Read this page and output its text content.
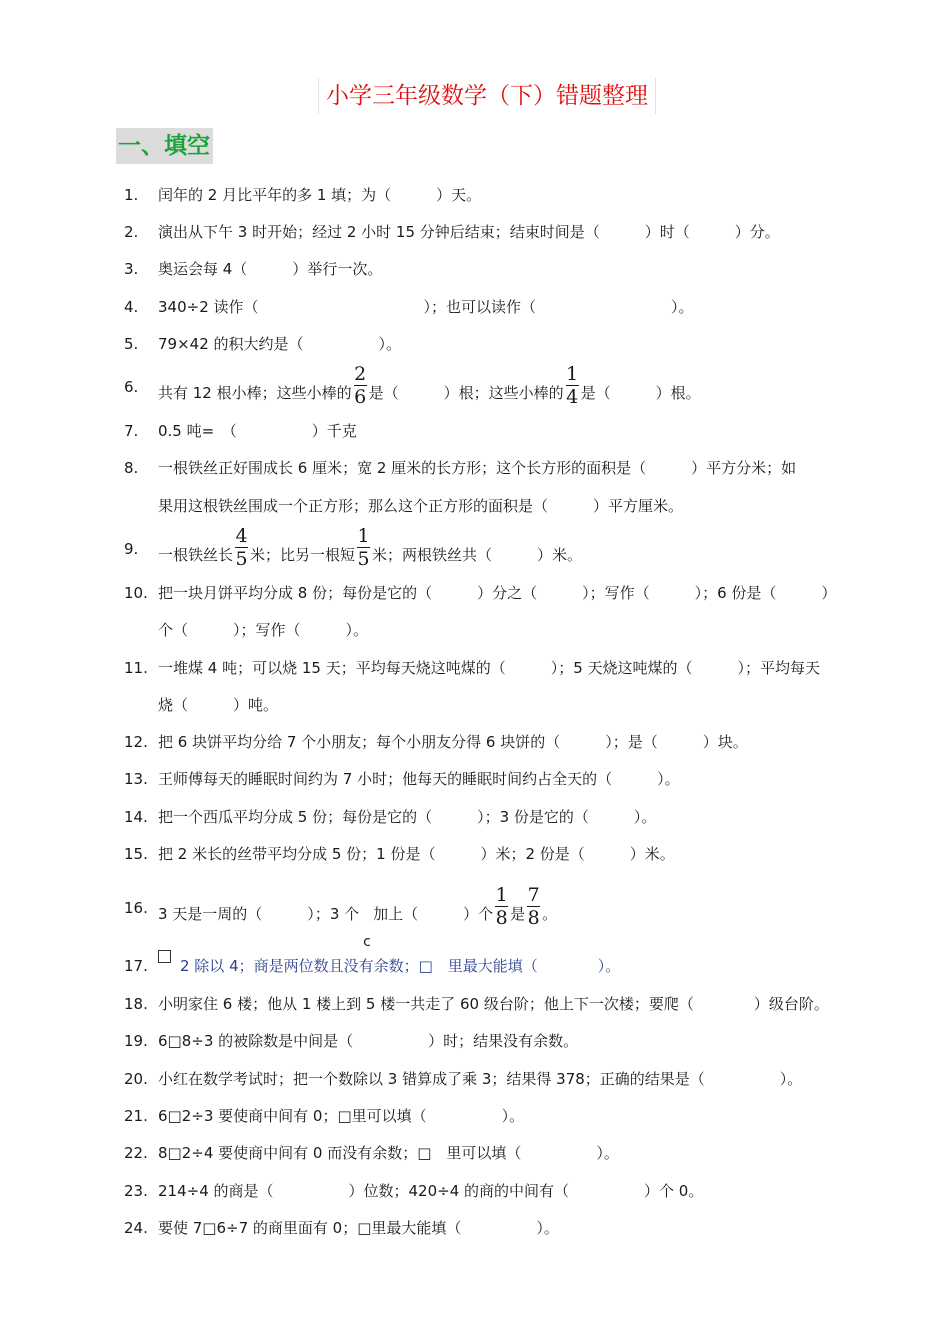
小学三年级数学（下）错题整理
一、填空
1. 闰年的 2 月比平年的多 1 填；为（　　　）天。
2. 演出从下午 3 时开始；经过 2 小时 15 分钟后结束；结束时间是（　　　）时（　　　）分。
3. 奥运会每 4（　　　）举行一次。
4. 340÷2 读作（　　　　　　　　　　　）；也可以读作（　　　　　　　　　）。
5. 79×42 的积大约是（　　　　　）。
6. 共有 12 根小棒；这些小棒的 $\frac{2}{6}$ 是（　　　）根；这些小棒的 $\frac{1}{4}$ 是（　　　）根。
7. 0.5 吨=　（　　　　　）千克
8. 一根铁丝正好围成长 6 厘米；宽 2 厘米的长方形；这个长方形的面积是（　　　）平方分米；如
果用这根铁丝围成一个正方形；那么这个正方形的面积是（　　　）平方厘米。
9. 一根铁丝长 $\frac{4}{5}$ 米；比另一根短 $\frac{1}{5}$ 米；两根铁丝共（　　　）米。
10. 把一块月饼平均分成 8 份；每份是它的（　　　）分之（　　　）；写作（　　　）；6 份是（　　　）
个（　　　）；写作（　　　）。
11. 一堆煤 4 吨；可以烧 15 天；平均每天烧这吨煤的（　　　）；5 天烧这吨煤的（　　　）；平均每天
烧（　　　）吨。
12. 把 6 块饼平均分给 7 个小朋友；每个小朋友分得 6 块饼的（　　　）；是（　　　）块。
13. 王师傅每天的睡眠时间约为 7 小时；他每天的睡眠时间约占全天的（　　　）。
14. 把一个西瓜平均分成 5 份；每份是它的（　　　）；3 份是它的（　　　）。
15. 把 2 米长的丝带平均分成 5 份；1 份是（　　　）米；2 份是（　　　）米。
16. 3 天是一周的（　　　）；3 个
c
加上（　　　）个 $\frac{1}{8}$ 是 $\frac{7}{8}$ 。
17. 2 除以 4；商是两位数且没有余数；□　里最大能填（　　　　）。
18. 小明家住 6 楼；他从 1 楼上到 5 楼一共走了 60 级台阶；他上下一次楼；要爬（　　　　）级台阶。
19. 6□8÷3 的被除数是中间是（　　　　　）时；结果没有余数。
20. 小红在数学考试时；把一个数除以 3 错算成了乘 3；结果得 378；正确的结果是（　　　　　）。
21. 6□2÷3 要使商中间有 0；□里可以填（　　　　　）。
22. 8□2÷4 要使商中间有 0 而没有余数；□　里可以填（　　　　　）。
23. 214÷4 的商是（　　　　　）位数；420÷4 的商的中间有（　　　　　）个 0。
24. 要使 7□6÷7 的商里面有 0；□里最大能填（　　　　　）。
